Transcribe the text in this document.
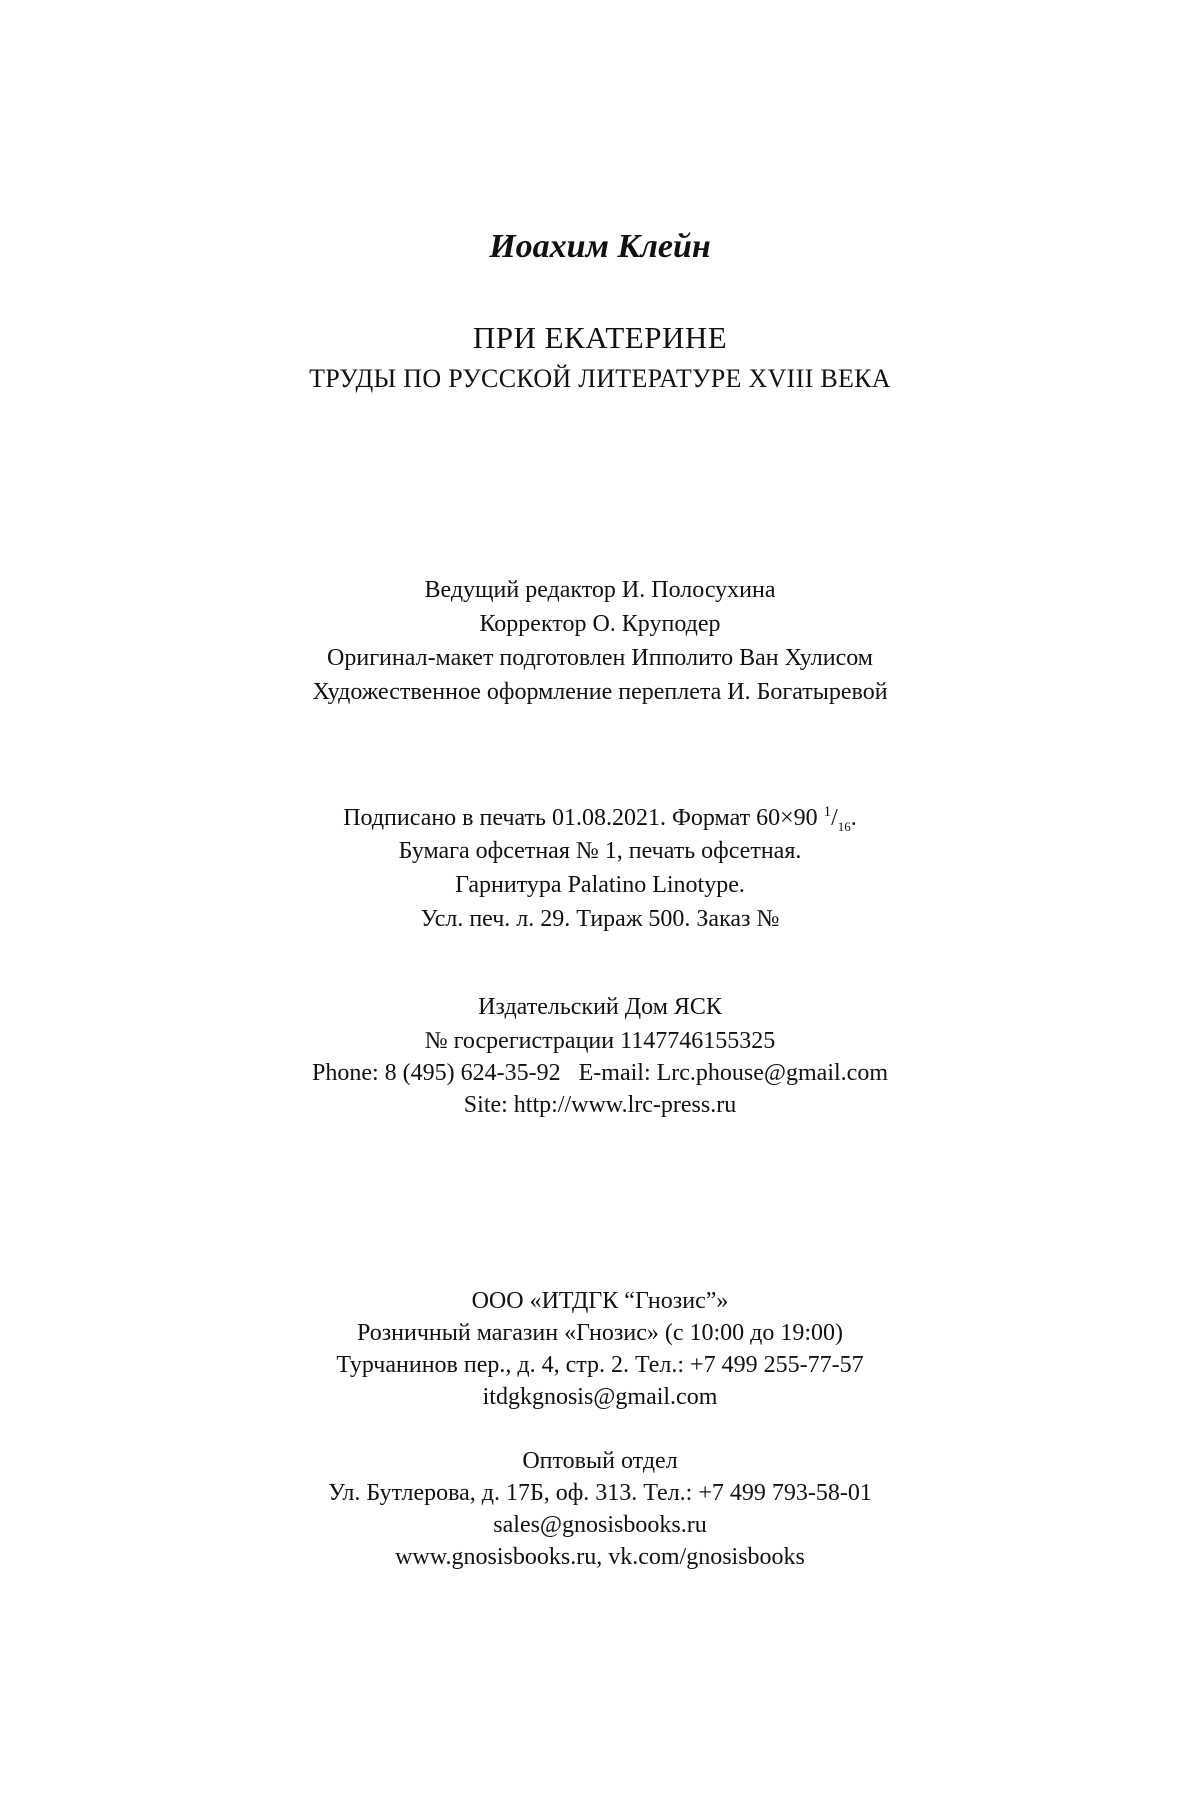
Иоахим Клейн
ПРИ ЕКАТЕРИНЕ
ТРУДЫ ПО РУССКОЙ ЛИТЕРАТУРЕ XVIII ВЕКА
Ведущий редактор И. Полосухина
Корректор О. Круподер
Оригинал-макет подготовлен Ипполито Ван Хулисом
Художественное оформление переплета И. Богатыревой
Подписано в печать 01.08.2021. Формат 60×90 $^1/_{16}$.
Бумага офсетная № 1, печать офсетная.
Гарнитура Palatino Linotype.
Усл. печ. л. 29. Тираж 500. Заказ №
Издательский Дом ЯСК
№ госрегистрации 1147746155325
Phone: 8 (495) 624-35-92   E-mail: Lrc.phouse@gmail.com
Site: http://www.lrc-press.ru
ООО «ИТДГК “Гнозис”»
Розничный магазин «Гнозис» (с 10:00 до 19:00)
Турчанинов пер., д. 4, стр. 2. Тел.: +7 499 255-77-57
itdgkgnosis@gmail.com
Оптовый отдел
Ул. Бутлерова, д. 17Б, оф. 313. Тел.: +7 499 793-58-01
sales@gnosisbooks.ru
www.gnosisbooks.ru, vk.com/gnosisbooks
